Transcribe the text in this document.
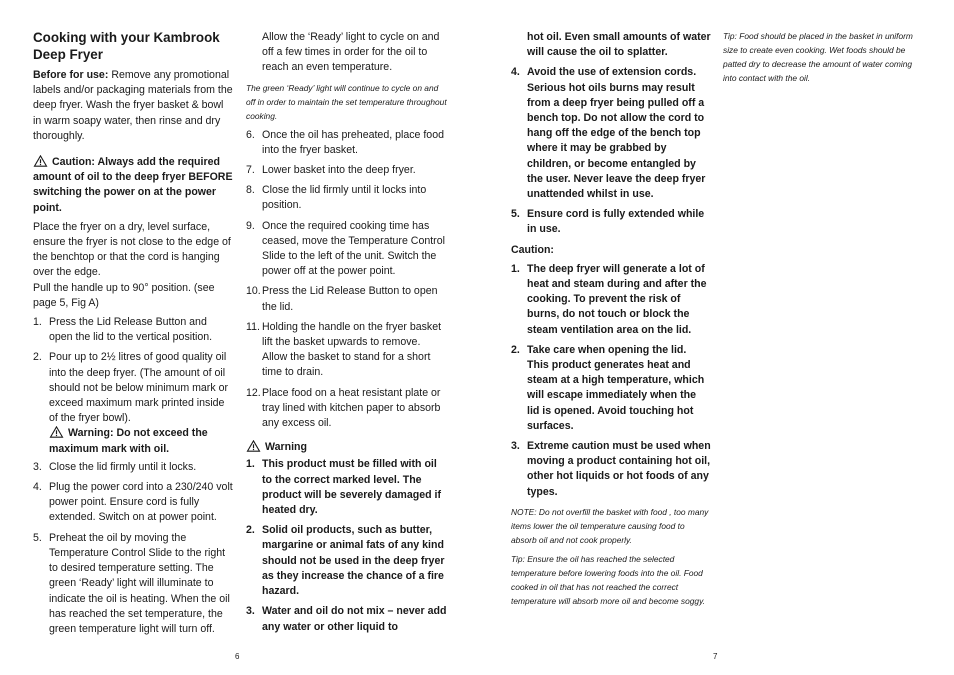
Cooking with your Kambrook Deep Fryer

Before for use: Remove any promotional labels and/or packaging materials from the deep fryer. Wash the fryer basket & bowl in warm soapy water, then rinse and dry thoroughly.

Caution: Always add the required amount of oil to the deep fryer BEFORE switching the power on at the power point.

Place the fryer on a dry, level surface, ensure the fryer is not close to the edge of the benchtop or that the cord is hanging over the edge.

Pull the handle up to 90° position. (see page 5, Fig A)

1. Press the Lid Release Button and open the lid to the vertical position.
2. Pour up to 2½ litres of good quality oil into the deep fryer. (The amount of oil should not be below minimum mark or exceed maximum mark printed inside of the fryer bowl).
Warning: Do not exceed the maximum mark with oil.
3. Close the lid firmly until it locks.
4. Plug the power cord into a 230/240 volt power point. Ensure cord is fully extended. Switch on at power point.
5. Preheat the oil by moving the Temperature Control Slide to the right to desired temperature setting. The green ‘Ready’ light will illuminate to indicate the oil is heating. When the oil has reached the set temperature, the green temperature light will turn off.

Allow the ‘Ready’ light to cycle on and off a few times in order for the oil to reach an even temperature.

The green ‘Ready’ light will continue to cycle on and off in order to maintain the set temperature throughout cooking.

6. Once the oil has preheated, place food into the fryer basket.
7. Lower basket into the deep fryer.
8. Close the lid firmly until it locks into position.
9. Once the required cooking time has ceased, move the Temperature Control Slide to the left of the unit. Switch the power off at the power point.
10. Press the Lid Release Button to open the lid.
11. Holding the handle on the fryer basket lift the basket upwards to remove. Allow the basket to stand for a short time to drain.
12. Place food on a heat resistant plate or tray lined with kitchen paper to absorb any excess oil.
Warning
1. This product must be filled with oil to the correct marked level. The product will be severely damaged if heated dry.
2. Solid oil products, such as butter, margarine or animal fats of any kind should not be used in the deep fryer as they increase the chance of a fire hazard.
3. Water and oil do not mix – never add any water or other liquid to
6

hot oil. Even small amounts of water will cause the oil to splatter.

4. Avoid the use of extension cords. Serious hot oils burns may result from a deep fryer being pulled off a bench top. Do not allow the cord to hang off the edge of the bench top where it may be grabbed by children, or become entangled by the user. Never leave the deep fryer unattended whilst in use.
5. Ensure cord is fully extended while in use.
Caution:
1. The deep fryer will generate a lot of heat and steam during and after the cooking. To prevent the risk of burns, do not touch or block the steam ventilation area on the lid.
2. Take care when opening the lid. This product generates heat and steam at a high temperature, which will escape immediately when the lid is opened. Avoid touching hot surfaces.
3. Extreme caution must be used when moving a product containing hot oil, other hot liquids or hot foods of any types.

NOTE: Do not overfill the basket with food , too many items lower the oil temperature causing food to absorb oil and not cook properly.

Tip: Ensure the oil has reached the selected temperature before lowering foods into the oil. Food cooked in oil that has not reached the correct temperature will absorb more oil and become soggy.

Tip: Food should be placed in the basket in uniform size to create even cooking. Wet foods should be patted dry to decrease the amount of water coming into contact with the oil.

7
